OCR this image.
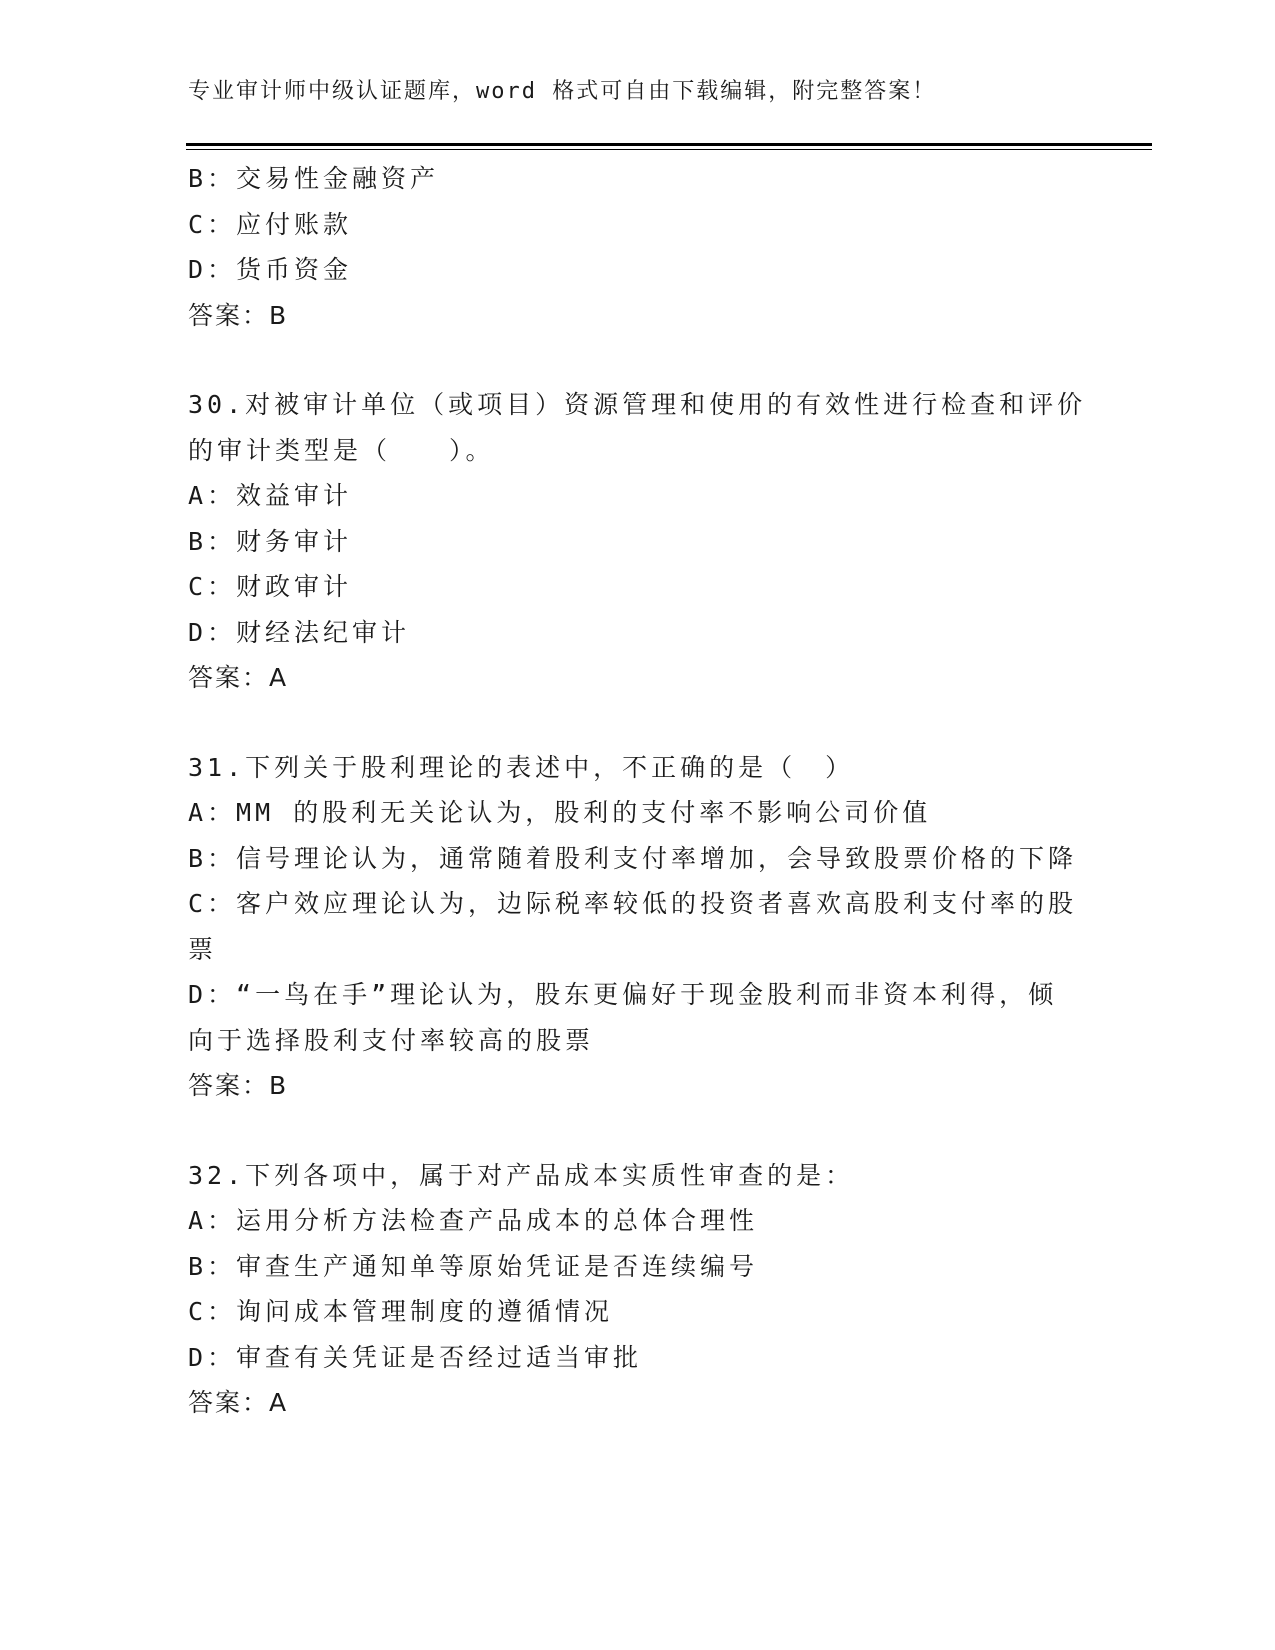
专业审计师中级认证题库，word 格式可自由下载编辑，附完整答案！
B：交易性金融资产
C：应付账款
D：货币资金
答案：B
30.对被审计单位（或项目）资源管理和使用的有效性进行检查和评价
的审计类型是（　　）。
A：效益审计
B：财务审计
C：财政审计
D：财经法纪审计
答案：A
31.下列关于股利理论的表述中，不正确的是（　）
A：MM 的股利无关论认为，股利的支付率不影响公司价值
B：信号理论认为，通常随着股利支付率增加，会导致股票价格的下降
C：客户效应理论认为，边际税率较低的投资者喜欢高股利支付率的股
票
D：“一鸟在手”理论认为，股东更偏好于现金股利而非资本利得，倾
向于选择股利支付率较高的股票
答案：B
32.下列各项中，属于对产品成本实质性审查的是：
A：运用分析方法检查产品成本的总体合理性
B：审查生产通知单等原始凭证是否连续编号
C：询问成本管理制度的遵循情况
D：审查有关凭证是否经过适当审批
答案：A
